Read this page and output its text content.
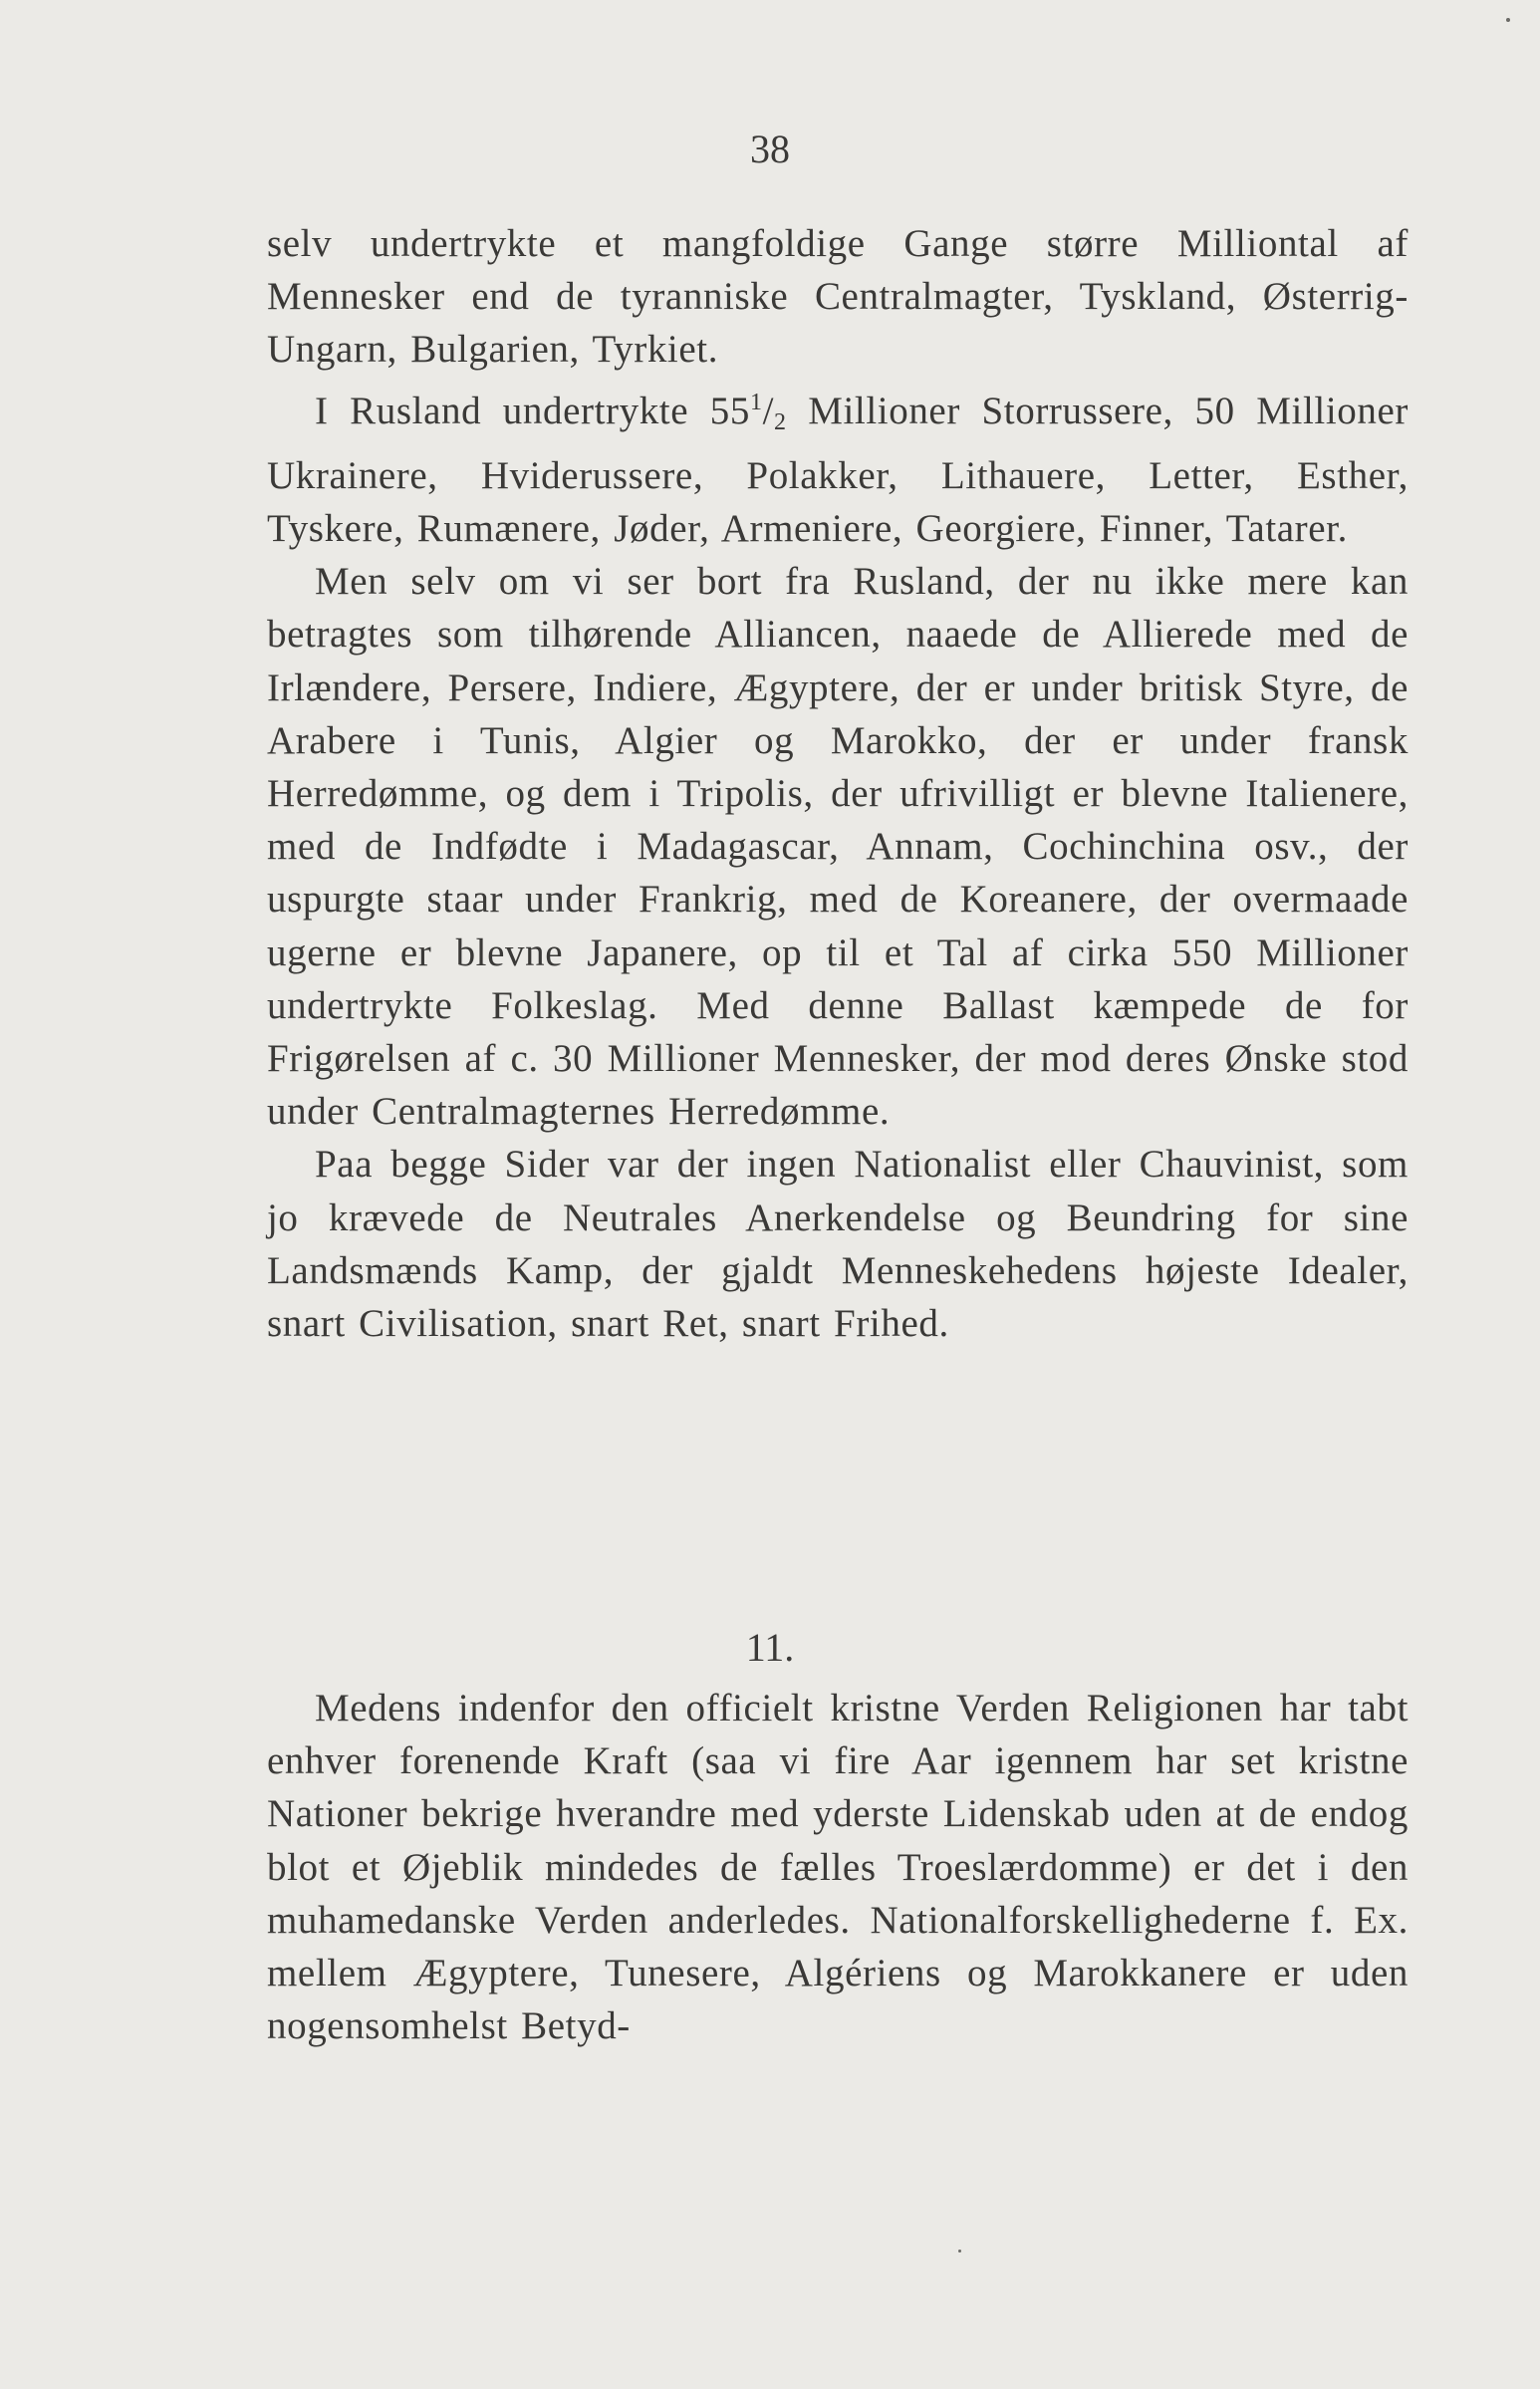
38

selv undertrykte et mangfoldige Gange større Milliontal af Mennesker end de tyranniske Centralmagter, Tyskland, Østerrig-Ungarn, Bulgarien, Tyrkiet.

I Rusland undertrykte $55^1/_2$ Millioner Storrussere, 50 Millioner Ukrainere, Hviderussere, Polakker, Lithauere, Letter, Esther, Tyskere, Rumænere, Jøder, Armeniere, Georgiere, Finner, Tatarer.

Men selv om vi ser bort fra Rusland, der nu ikke mere kan betragtes som tilhørende Alliancen, naaede de Allierede med de Irlændere, Persere, Indiere, Ægyptere, der er under britisk Styre, de Arabere i Tunis, Algier og Marokko, der er under fransk Herredømme, og dem i Tripolis, der ufrivilligt er blevne Italienere, med de Indfødte i Madagascar, Annam, Cochinchina osv., der uspurgte staar under Frankrig, med de Koreanere, der overmaade ugerne er blevne Japanere, op til et Tal af cirka 550 Millioner undertrykte Folkeslag. Med denne Ballast kæmpede de for Frigørelsen af c. 30 Millioner Mennesker, der mod deres Ønske stod under Centralmagternes Herredømme.

Paa begge Sider var der ingen Nationalist eller Chauvinist, som jo krævede de Neutrales Anerkendelse og Beundring for sine Landsmænds Kamp, der gjaldt Menneskehedens højeste Idealer, snart Civilisation, snart Ret, snart Frihed.

11.

Medens indenfor den officielt kristne Verden Religionen har tabt enhver forenende Kraft (saa vi fire Aar igennem har set kristne Nationer bekrige hverandre med yderste Lidenskab uden at de endog blot et Øjeblik mindedes de fælles Troeslærdomme) er det i den muhamedanske Verden anderledes. Nationalforskellighederne f. Ex. mellem Ægyptere, Tunesere, Algériens og Marokkanere er uden nogensomhelst Betyd-
